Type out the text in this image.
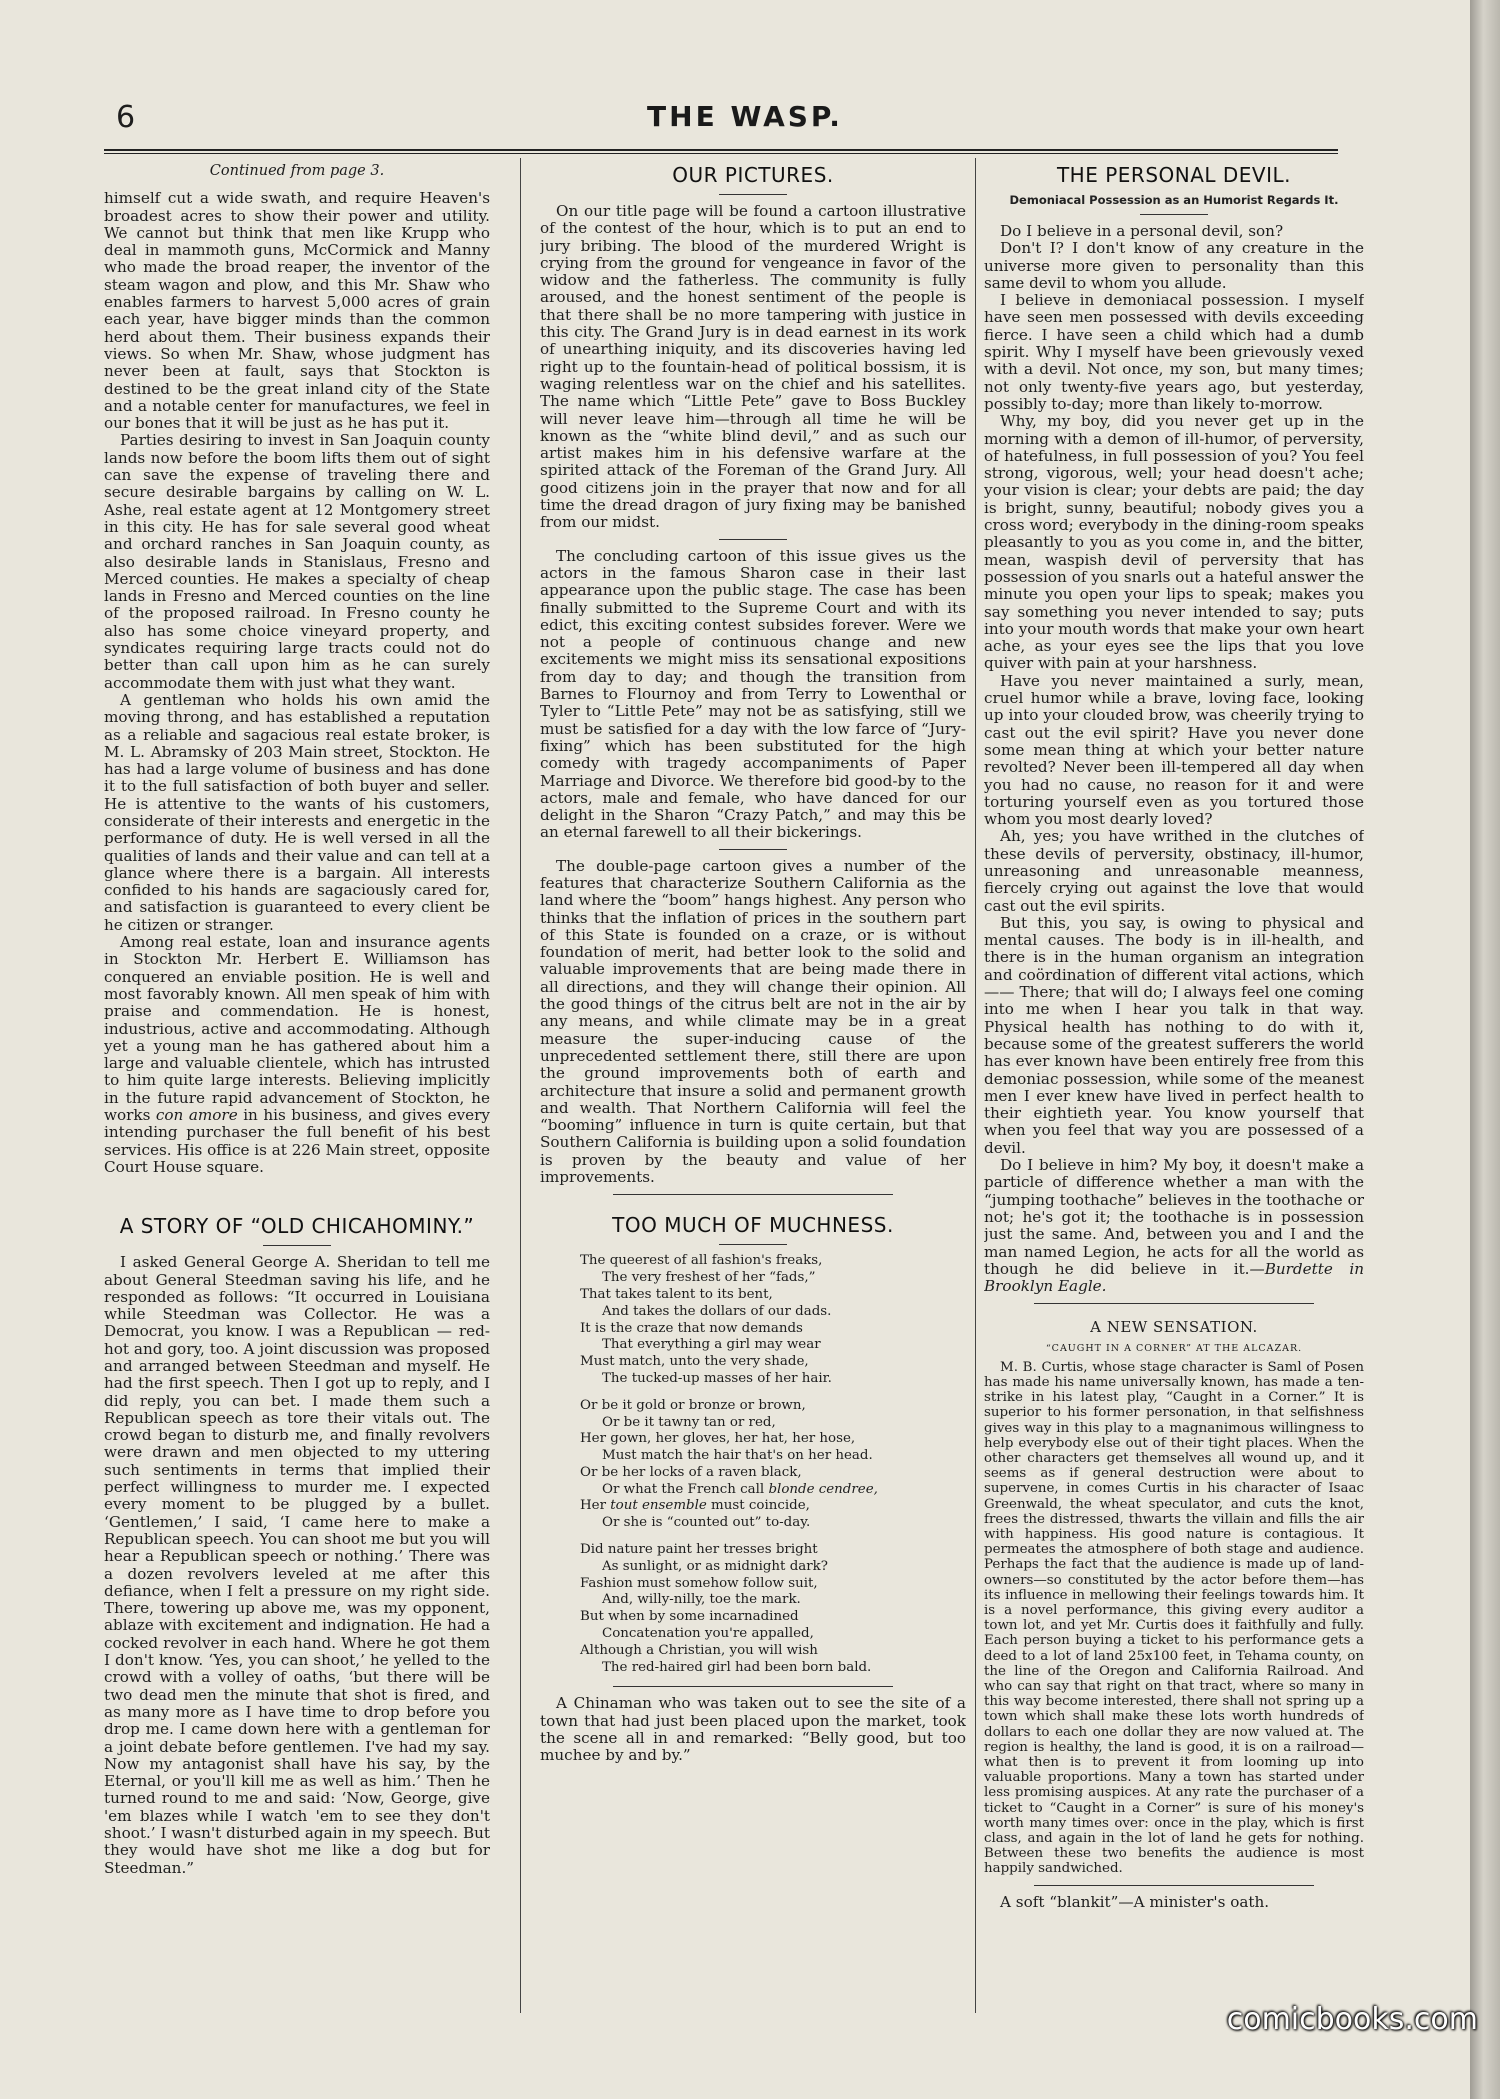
6	THE WASP.
Continued from page 3.

himself cut a wide swath, and require Heaven's broadest acres to show their power and utility. We cannot but think that men like Krupp who deal in mammoth guns, McCormick and Manny who made the broad reaper, the inventor of the steam wagon and plow, and this Mr. Shaw who enables farmers to harvest 5,000 acres of grain each year, have bigger minds than the common herd about them. Their business expands their views. So when Mr. Shaw, whose judgment has never been at fault, says that Stockton is destined to be the great inland city of the State and a notable center for manufactures, we feel in our bones that it will be just as he has put it.

Parties desiring to invest in San Joaquin county lands now before the boom lifts them out of sight can save the expense of traveling there and secure desirable bargains by calling on W. L. Ashe, real estate agent at 12 Montgomery street in this city. He has for sale several good wheat and orchard ranches in San Joaquin county, as also desirable lands in Stanislaus, Fresno and Merced counties. He makes a specialty of cheap lands in Fresno and Merced counties on the line of the proposed railroad. In Fresno county he also has some choice vineyard property, and syndicates requiring large tracts could not do better than call upon him as he can surely accommodate them with just what they want.

A gentleman who holds his own amid the moving throng, and has established a reputation as a reliable and sagacious real estate broker, is M. L. Abramsky of 203 Main street, Stockton. He has had a large volume of business and has done it to the full satisfaction of both buyer and seller. He is attentive to the wants of his customers, considerate of their interests and energetic in the performance of duty. He is well versed in all the qualities of lands and their value and can tell at a glance where there is a bargain. All interests confided to his hands are sagaciously cared for, and satisfaction is guaranteed to every client be he citizen or stranger.

Among real estate, loan and insurance agents in Stockton Mr. Herbert E. Williamson has conquered an enviable position. He is well and most favorably known. All men speak of him with praise and commendation. He is honest, industrious, active and accommodating. Although yet a young man he has gathered about him a large and valuable clientele, which has intrusted to him quite large interests. Believing implicitly in the future rapid advancement of Stockton, he works con amore in his business, and gives every intending purchaser the full benefit of his best services. His office is at 226 Main street, opposite Court House square.

A STORY OF “OLD CHICAHOMINY.”

I asked General George A. Sheridan to tell me about General Steedman saving his life, and he responded as follows: “It occurred in Louisiana while Steedman was Collector. He was a Democrat, you know. I was a Republican — red-hot and gory, too. A joint discussion was proposed and arranged between Steedman and myself. He had the first speech. Then I got up to reply, and I did reply, you can bet. I made them such a Republican speech as tore their vitals out. The crowd began to disturb me, and finally revolvers were drawn and men objected to my uttering such sentiments in terms that implied their perfect willingness to murder me. I expected every moment to be plugged by a bullet. ‘Gentlemen,’ I said, ‘I came here to make a Republican speech. You can shoot me but you will hear a Republican speech or nothing.’ There was a dozen revolvers leveled at me after this defiance, when I felt a pressure on my right side. There, towering up above me, was my opponent, ablaze with excitement and indignation. He had a cocked revolver in each hand. Where he got them I don't know. ‘Yes, you can shoot,’ he yelled to the crowd with a volley of oaths, ‘but there will be two dead men the minute that shot is fired, and as many more as I have time to drop before you drop me. I came down here with a gentleman for a joint debate before gentlemen. I've had my say. Now my antagonist shall have his say, by the Eternal, or you'll kill me as well as him.’ Then he turned round to me and said: ‘Now, George, give 'em blazes while I watch 'em to see they don't shoot.’ I wasn't disturbed again in my speech. But they would have shot me like a dog but for Steedman.”

OUR PICTURES.

On our title page will be found a cartoon illustrative of the contest of the hour, which is to put an end to jury bribing. The blood of the murdered Wright is crying from the ground for vengeance in favor of the widow and the fatherless. The community is fully aroused, and the honest sentiment of the people is that there shall be no more tampering with justice in this city. The Grand Jury is in dead earnest in its work of unearthing iniquity, and its discoveries having led right up to the fountain-head of political bossism, it is waging relentless war on the chief and his satellites. The name which “Little Pete” gave to Boss Buckley will never leave him—through all time he will be known as the “white blind devil,” and as such our artist makes him in his defensive warfare at the spirited attack of the Foreman of the Grand Jury. All good citizens join in the prayer that now and for all time the dread dragon of jury fixing may be banished from our midst.

The concluding cartoon of this issue gives us the actors in the famous Sharon case in their last appearance upon the public stage. The case has been finally submitted to the Supreme Court and with its edict, this exciting contest subsides forever. Were we not a people of continuous change and new excitements we might miss its sensational expositions from day to day; and though the transition from Barnes to Flournoy and from Terry to Lowenthal or Tyler to “Little Pete” may not be as satisfying, still we must be satisfied for a day with the low farce of “Jury-fixing” which has been substituted for the high comedy with tragedy accompaniments of Paper Marriage and Divorce. We therefore bid good-by to the actors, male and female, who have danced for our delight in the Sharon “Crazy Patch,” and may this be an eternal farewell to all their bickerings.

The double-page cartoon gives a number of the features that characterize Southern California as the land where the “boom” hangs highest. Any person who thinks that the inflation of prices in the southern part of this State is founded on a craze, or is without foundation of merit, had better look to the solid and valuable improvements that are being made there in all directions, and they will change their opinion. All the good things of the citrus belt are not in the air by any means, and while climate may be in a great measure the super-inducing cause of the unprecedented settlement there, still there are upon the ground improvements both of earth and architecture that insure a solid and permanent growth and wealth. That Northern California will feel the “booming” influence in turn is quite certain, but that Southern California is building upon a solid foundation is proven by the beauty and value of her improvements.

TOO MUCH OF MUCHNESS.
The queerest of all fashion's freaks,
The very freshest of her “fads,”
That takes talent to its bent,
And takes the dollars of our dads.
It is the craze that now demands
That everything a girl may wear
Must match, unto the very shade,
The tucked-up masses of her hair.
Or be it gold or bronze or brown,
Or be it tawny tan or red,
Her gown, her gloves, her hat, her hose,
Must match the hair that's on her head.
Or be her locks of a raven black,
Or what the French call blonde cendree,
Her tout ensemble must coincide,
Or she is “counted out” to-day.
Did nature paint her tresses bright
As sunlight, or as midnight dark?
Fashion must somehow follow suit,
And, willy-nilly, toe the mark.
But when by some incarnadined
Concatenation you're appalled,
Although a Christian, you will wish
The red-haired girl had been born bald.

A Chinaman who was taken out to see the site of a town that had just been placed upon the market, took the scene all in and remarked: “Belly good, but too muchee by and by.”

THE PERSONAL DEVIL.
Demoniacal Possession as an Humorist Regards It.

Do I believe in a personal devil, son?

Don't I? I don't know of any creature in the universe more given to personality than this same devil to whom you allude.

I believe in demoniacal possession. I myself have seen men possessed with devils exceeding fierce. I have seen a child which had a dumb spirit. Why I myself have been grievously vexed with a devil. Not once, my son, but many times; not only twenty-five years ago, but yesterday, possibly to-day; more than likely to-morrow.

Why, my boy, did you never get up in the morning with a demon of ill-humor, of perversity, of hatefulness, in full possession of you? You feel strong, vigorous, well; your head doesn't ache; your vision is clear; your debts are paid; the day is bright, sunny, beautiful; nobody gives you a cross word; everybody in the dining-room speaks pleasantly to you as you come in, and the bitter, mean, waspish devil of perversity that has possession of you snarls out a hateful answer the minute you open your lips to speak; makes you say something you never intended to say; puts into your mouth words that make your own heart ache, as your eyes see the lips that you love quiver with pain at your harshness.

Have you never maintained a surly, mean, cruel humor while a brave, loving face, looking up into your clouded brow, was cheerily trying to cast out the evil spirit? Have you never done some mean thing at which your better nature revolted? Never been ill-tempered all day when you had no cause, no reason for it and were torturing yourself even as you tortured those whom you most dearly loved?

Ah, yes; you have writhed in the clutches of these devils of perversity, obstinacy, ill-humor, unreasoning and unreasonable meanness, fiercely crying out against the love that would cast out the evil spirits.

But this, you say, is owing to physical and mental causes. The body is in ill-health, and there is in the human organism an integration and coördination of different vital actions, which —— There; that will do; I always feel one coming into me when I hear you talk in that way. Physical health has nothing to do with it, because some of the greatest sufferers the world has ever known have been entirely free from this demoniac possession, while some of the meanest men I ever knew have lived in perfect health to their eightieth year. You know yourself that when you feel that way you are possessed of a devil.

Do I believe in him? My boy, it doesn't make a particle of difference whether a man with the “jumping toothache” believes in the toothache or not; he's got it; the toothache is in possession just the same. And, between you and I and the man named Legion, he acts for all the world as though he did believe in it.—Burdette in Brooklyn Eagle.

A NEW SENSATION.
“CAUGHT IN A CORNER” AT THE ALCAZAR.

M. B. Curtis, whose stage character is Saml of Posen has made his name universally known, has made a ten-strike in his latest play, “Caught in a Corner.” It is superior to his former personation, in that selfishness gives way in this play to a magnanimous willingness to help everybody else out of their tight places. When the other characters get themselves all wound up, and it seems as if general destruction were about to supervene, in comes Curtis in his character of Isaac Greenwald, the wheat speculator, and cuts the knot, frees the distressed, thwarts the villain and fills the air with happiness. His good nature is contagious. It permeates the atmosphere of both stage and audience. Perhaps the fact that the audience is made up of land-owners—so constituted by the actor before them—has its influence in mellowing their feelings towards him. It is a novel performance, this giving every auditor a town lot, and yet Mr. Curtis does it faithfully and fully. Each person buying a ticket to his performance gets a deed to a lot of land 25x100 feet, in Tehama county, on the line of the Oregon and California Railroad. And who can say that right on that tract, where so many in this way become interested, there shall not spring up a town which shall make these lots worth hundreds of dollars to each one dollar they are now valued at. The region is healthy, the land is good, it is on a railroad—what then is to prevent it from looming up into valuable proportions. Many a town has started under less promising auspices. At any rate the purchaser of a ticket to “Caught in a Corner” is sure of his money's worth many times over: once in the play, which is first class, and again in the lot of land he gets for nothing. Between these two benefits the audience is most happily sandwiched.

A soft “blankit”—A minister's oath.

comicbooks.com
